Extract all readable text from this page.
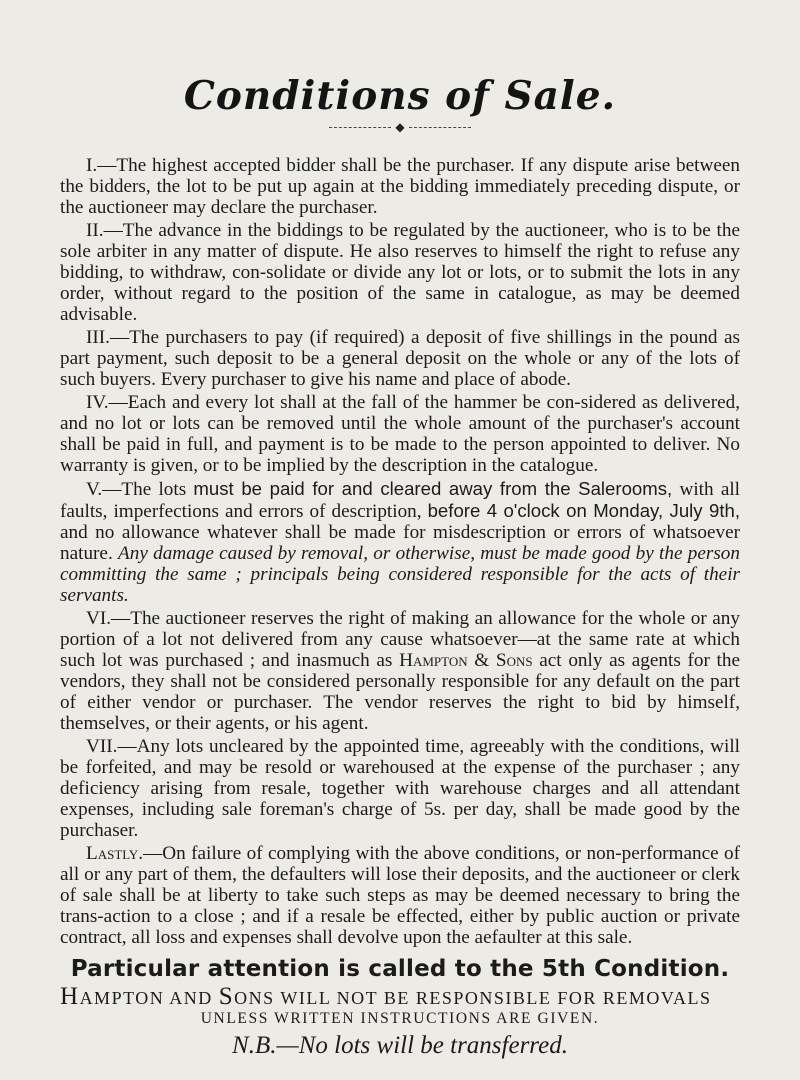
Conditions of Sale.
◆

I.—The highest accepted bidder shall be the purchaser. If any dispute arise between the bidders, the lot to be put up again at the bidding immediately preceding dispute, or the auctioneer may declare the purchaser.

II.—The advance in the biddings to be regulated by the auctioneer, who is to be the sole arbiter in any matter of dispute. He also reserves to himself the right to refuse any bidding, to withdraw, con-solidate or divide any lot or lots, or to submit the lots in any order, without regard to the position of the same in catalogue, as may be deemed advisable.

III.—The purchasers to pay (if required) a deposit of five shillings in the pound as part payment, such deposit to be a general deposit on the whole or any of the lots of such buyers. Every purchaser to give his name and place of abode.

IV.—Each and every lot shall at the fall of the hammer be con-sidered as delivered, and no lot or lots can be removed until the whole amount of the purchaser's account shall be paid in full, and payment is to be made to the person appointed to deliver. No warranty is given, or to be implied by the description in the catalogue.

V.—The lots must be paid for and cleared away from the Salerooms, with all faults, imperfections and errors of description, before 4 o'clock on Monday, July 9th, and no allowance whatever shall be made for misdescription or errors of whatsoever nature. Any damage caused by removal, or otherwise, must be made good by the person committing the same ; principals being considered responsible for the acts of their servants.

VI.—The auctioneer reserves the right of making an allowance for the whole or any portion of a lot not delivered from any cause whatsoever—at the same rate at which such lot was purchased ; and inasmuch as Hampton & Sons act only as agents for the vendors, they shall not be considered personally responsible for any default on the part of either vendor or purchaser. The vendor reserves the right to bid by himself, themselves, or their agents, or his agent.

VII.—Any lots uncleared by the appointed time, agreeably with the conditions, will be forfeited, and may be resold or warehoused at the expense of the purchaser ; any deficiency arising from resale, together with warehouse charges and all attendant expenses, including sale foreman's charge of 5s. per day, shall be made good by the purchaser.

Lastly.—On failure of complying with the above conditions, or non-performance of all or any part of them, the defaulters will lose their deposits, and the auctioneer or clerk of sale shall be at liberty to take such steps as may be deemed necessary to bring the trans-action to a close ; and if a resale be effected, either by public auction or private contract, all loss and expenses shall devolve upon the aefaulter at this sale.

Particular attention is called to the 5th Condition.

HAMPTON AND SONS WILL NOT BE RESPONSIBLE FOR REMOVALS

UNLESS WRITTEN INSTRUCTIONS ARE GIVEN.

N.B.—No lots will be transferred.
